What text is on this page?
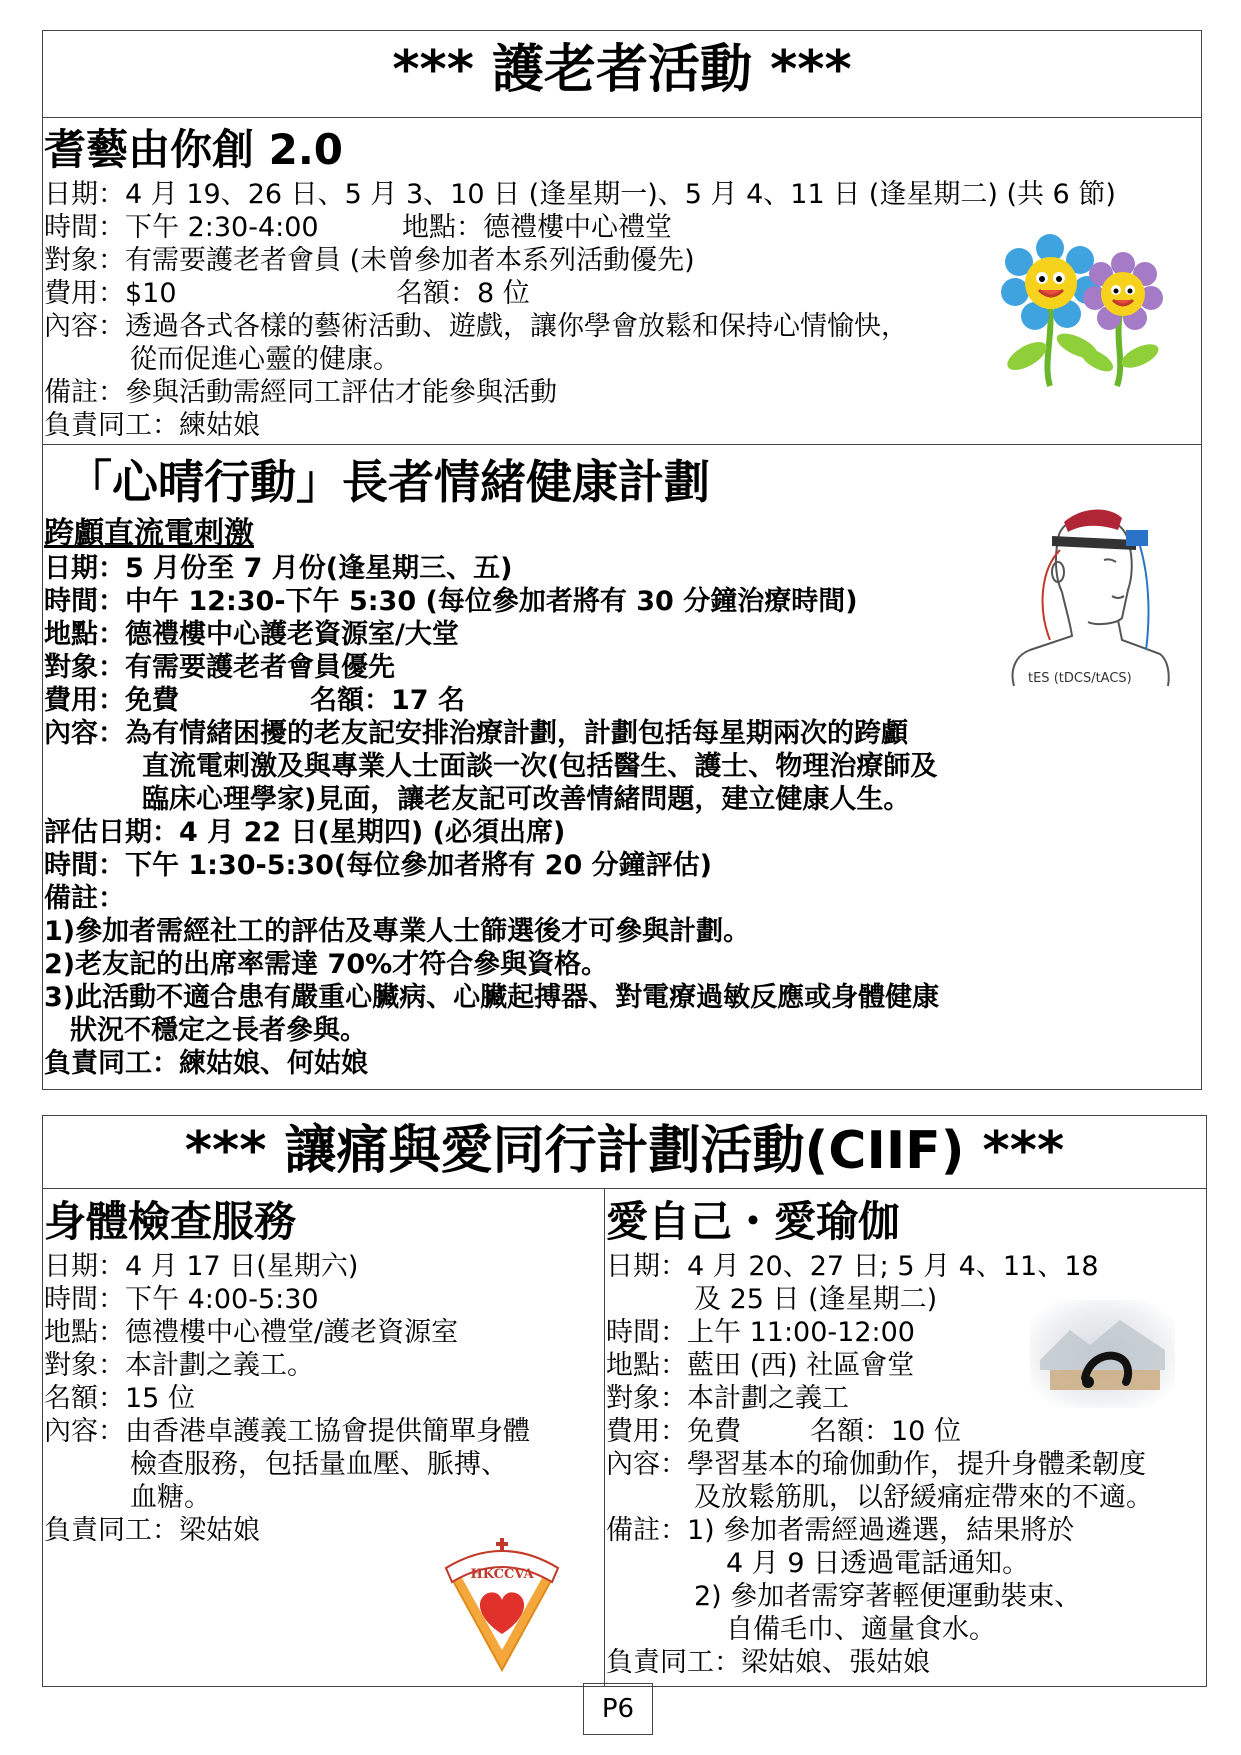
*** 護老者活動 ***
耆藝由你創 2.0
日期：4 月 19、26 日、5 月 3、10 日 (逢星期一)、5 月 4、11 日 (逢星期二) (共 6 節)
時間：下午 2:30-4:00	地點：德禮樓中心禮堂
對象：有需要護老者會員 (未曾參加者本系列活動優先)
費用：$10	名額：8 位
內容：透過各式各樣的藝術活動、遊戲，讓你學會放鬆和保持心情愉快，
從而促進心靈的健康。
備註：參與活動需經同工評估才能參與活動
負責同工：練姑娘
「心晴行動」長者情緒健康計劃
跨顱直流電刺激
日期：5 月份至 7 月份(逢星期三、五)
時間：中午 12:30-下午 5:30 (每位參加者將有 30 分鐘治療時間)
地點：德禮樓中心護老資源室/大堂
對象：有需要護老者會員優先
費用：免費	名額：17 名
內容：為有情緒困擾的老友記安排治療計劃，計劃包括每星期兩次的跨顱
直流電刺激及與專業人士面談一次(包括醫生、護士、物理治療師及
臨床心理學家)見面，讓老友記可改善情緒問題，建立健康人生。
評估日期：4 月 22 日(星期四) (必須出席)
時間：下午 1:30-5:30(每位參加者將有 20 分鐘評估)
備註：
1)參加者需經社工的評估及專業人士篩選後才可參與計劃。
2)老友記的出席率需達 70%才符合參與資格。
3)此活動不適合患有嚴重心臟病、心臟起搏器、對電療過敏反應或身體健康
狀況不穩定之長者參與。
負責同工：練姑娘、何姑娘
tES (tDCS/tACS)
*** 讓痛與愛同行計劃活動(CIIF) ***
身體檢查服務
日期：4 月 17 日(星期六)
時間：下午 4:00-5:30
地點：德禮樓中心禮堂/護老資源室
對象：本計劃之義工。
名額：15 位
內容：由香港卓護義工協會提供簡單身體
檢查服務，包括量血壓、脈搏、
血糖。
負責同工：梁姑娘
HKCCVA
愛自己・愛瑜伽
日期：4 月 20、27 日; 5 月 4、11、18
及 25 日 (逢星期二)
時間：上午 11:00-12:00
地點：藍田 (西) 社區會堂
對象：本計劃之義工
費用：免費	名額：10 位
內容：學習基本的瑜伽動作，提升身體柔韌度
及放鬆筋肌，以舒緩痛症帶來的不適。
備註：1) 參加者需經過遴選，結果將於
4 月 9 日透過電話通知。
2) 參加者需穿著輕便運動裝束、
自備毛巾、適量食水。
負責同工：梁姑娘、張姑娘
P6
